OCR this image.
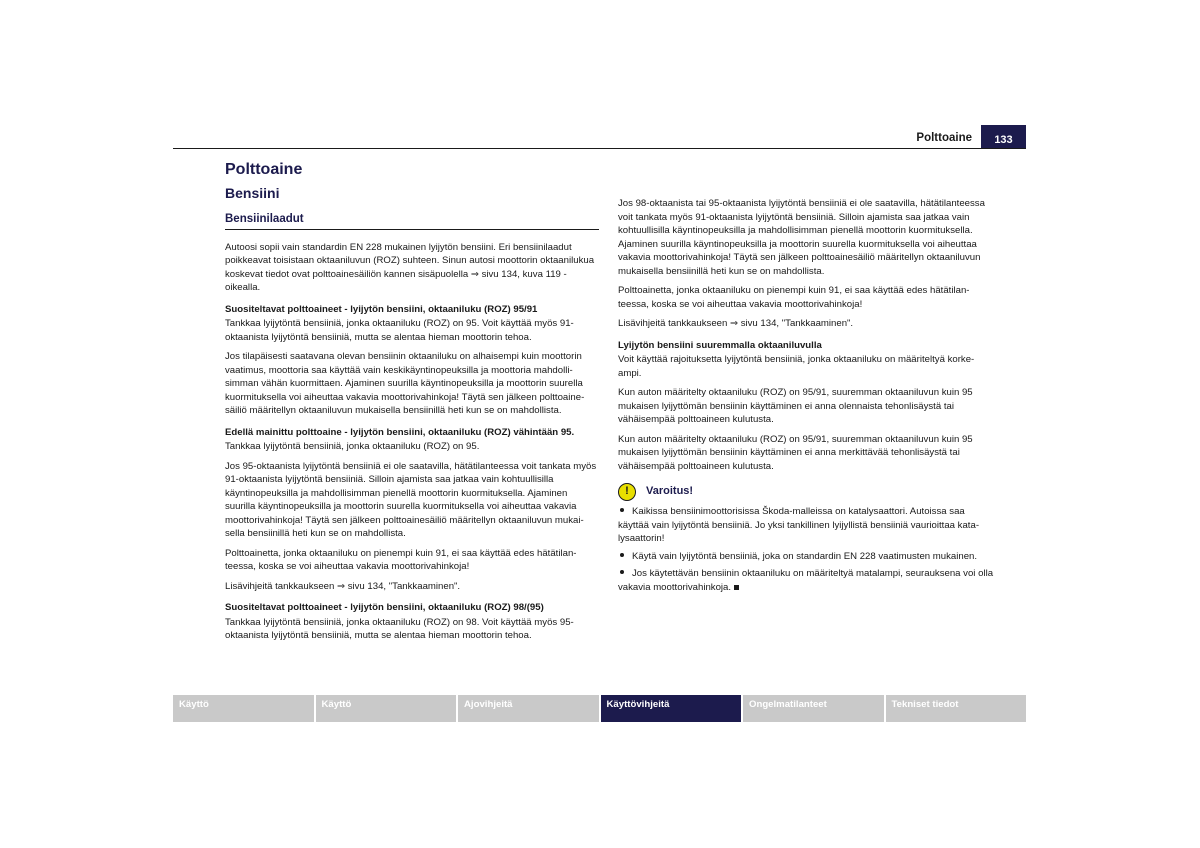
Polttoaine	133
Polttoaine
Bensiini
Bensiinilaadut

Autoosi sopii vain standardin EN 228 mukainen lyijytön bensiini. Eri bensiinilaadut poikkeavat toisistaan oktaaniluvun (ROZ) suhteen. Sinun autosi moottorin oktaanilukua koskevat tiedot ovat polttoainesäiliön kannen sisäpuolella ⇒ sivu 134, kuva 119 - oikealla.

Suositeltavat polttoaineet - lyijytön bensiini, oktaaniluku (ROZ) 95/91

Tankkaa lyijytöntä bensiiniä, jonka oktaaniluku (ROZ) on 95. Voit käyttää myös 91-oktaanista lyijytöntä bensiiniä, mutta se alentaa hieman moottorin tehoa.

Jos tilapäisesti saatavana olevan bensiinin oktaaniluku on alhaisempi kuin moottorin vaatimus, moottoria saa käyttää vain keskikäyntinopeuksilla ja moottoria mahdollisimman vähän kuormittaen. Ajaminen suurilla käyntinopeuksilla ja moottorin suurella kuormituksella voi aiheuttaa vakavia moottorivahinkoja! Täytä sen jälkeen polttoainesäiliö määritellyn oktaaniluvun mukaisella bensiinillä heti kun se on mahdollista.

Edellä mainittu polttoaine - lyijytön bensiini, oktaaniluku (ROZ) vähintään 95.

Tankkaa lyijytöntä bensiiniä, jonka oktaaniluku (ROZ) on 95.

Jos 95-oktaanista lyijytöntä bensiiniä ei ole saatavilla, hätätilanteessa voit tankata myös 91-oktaanista lyijytöntä bensiiniä. Silloin ajamista saa jatkaa vain kohtuullisilla käyntinopeuksilla ja mahdollisimman pienellä moottorin kuormituksella. Ajaminen suurilla käyntinopeuksilla ja moottorin suurella kuormituksella voi aiheuttaa vakavia moottorivahinkoja! Täytä sen jälkeen polttoainesäiliö määritellyn oktaaniluvun mukaisella bensiinillä heti kun se on mahdollista.

Polttoainetta, jonka oktaaniluku on pienempi kuin 91, ei saa käyttää edes hätätilanteessa, koska se voi aiheuttaa vakavia moottorivahinkoja!

Lisävihjeitä tankkaukseen ⇒ sivu 134, "Tankkaaminen".

Suositeltavat polttoaineet - lyijytön bensiini, oktaaniluku (ROZ) 98/(95)

Tankkaa lyijytöntä bensiiniä, jonka oktaaniluku (ROZ) on 98. Voit käyttää myös 95-oktaanista lyijytöntä bensiiniä, mutta se alentaa hieman moottorin tehoa.

Jos 98-oktaanista tai 95-oktaanista lyijytöntä bensiiniä ei ole saatavilla, hätätilanteessa voit tankata myös 91-oktaanista lyijytöntä bensiiniä. Silloin ajamista saa jatkaa vain kohtuullisilla käyntinopeuksilla ja mahdollisimman pienellä moottorin kuormituksella. Ajaminen suurilla käyntinopeuksilla ja moottorin suurella kuormituksella voi aiheuttaa vakavia moottorivahinkoja! Täytä sen jälkeen polttoainesäiliö määritellyn oktaaniluvun mukaisella bensiinillä heti kun se on mahdollista.

Polttoainetta, jonka oktaaniluku on pienempi kuin 91, ei saa käyttää edes hätätilanteessa, koska se voi aiheuttaa vakavia moottorivahinkoja!

Lisävihjeitä tankkaukseen ⇒ sivu 134, "Tankkaaminen".

Lyijytön bensiini suuremmalla oktaaniluvulla

Voit käyttää rajoituksetta lyijytöntä bensiiniä, jonka oktaaniluku on määriteltyä korkeampi.

Kun auton määritelty oktaaniluku (ROZ) on 95/91, suuremman oktaaniluvun kuin 95 mukaisen lyijyttömän bensiinin käyttäminen ei anna olennaista tehonlisäystä tai vähäisempää polttoaineen kulutusta.

Kun auton määritelty oktaaniluku (ROZ) on 95/91, suuremman oktaaniluvun kuin 95 mukaisen lyijyttömän bensiinin käyttäminen ei anna merkittävää tehonlisäystä tai vähäisempää polttoaineen kulutusta.

!	Varoitus!
Kaikissa bensiinimoottorisissa Škoda-malleissa on katalysaattori. Autoissa saa käyttää vain lyijytöntä bensiiniä. Jo yksi tankillinen lyijyllistä bensiiniä vaurioittaa katalysaattorin!
Käytä vain lyijytöntä bensiiniä, joka on standardin EN 228 vaatimusten mukainen.
Jos käytettävän bensiinin oktaaniluku on määriteltyä matalampi, seurauksena voi olla vakavia moottorivahinkoja.
Käyttö	Käyttö	Ajovihjeitä	Käyttövihjeitä	Ongelmatilanteet	Tekniset tiedot
